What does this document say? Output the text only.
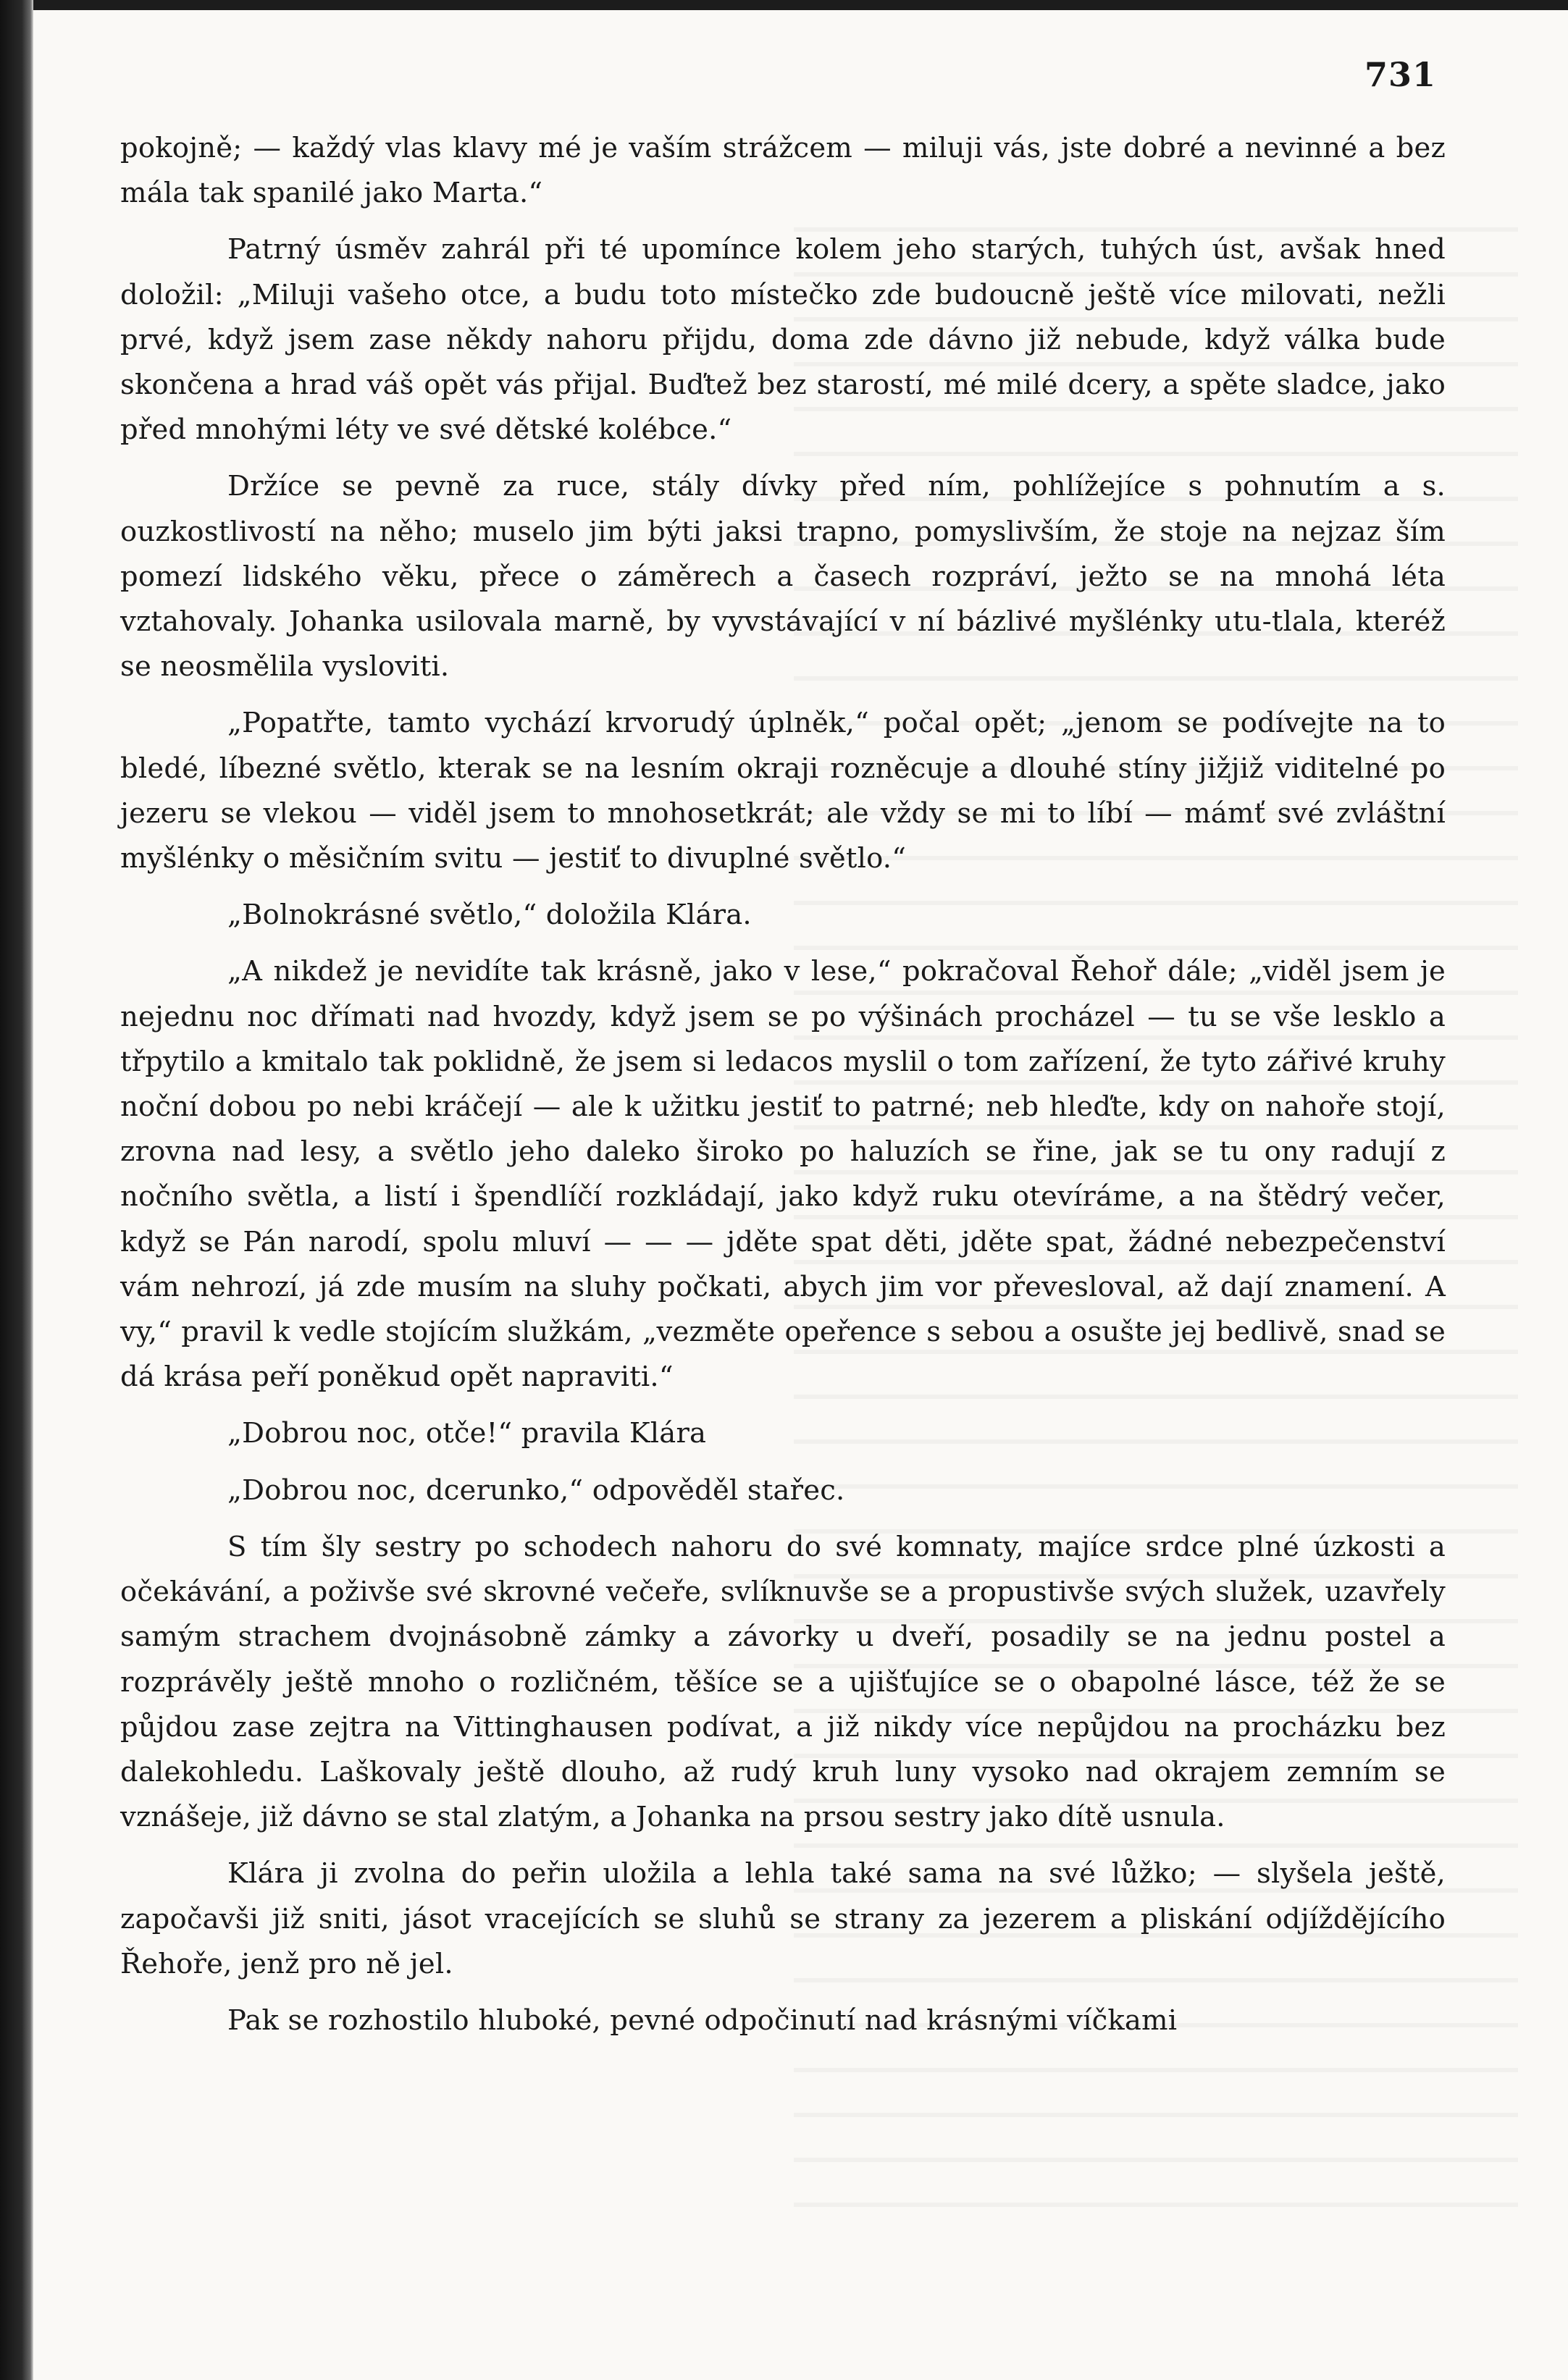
731

pokojně; — každý vlas klavy mé je vaším strážcem — miluji vás, jste dobré a nevinné a bez mála tak spanilé jako Marta.“

Patrný úsměv zahrál při té upomínce kolem jeho starých, tuhých úst, avšak hned doložil: „Miluji vašeho otce, a budu toto místečko zde budoucně ještě více milovati, nežli prvé, když jsem zase někdy nahoru přijdu, doma zde dávno již nebude, když válka bude skončena a hrad váš opět vás přijal. Buďtež bez starostí, mé milé dcery, a spěte sladce, jako před mnohými léty ve své dětské kolébce.“

Držíce se pevně za ruce, stály dívky před ním, pohlížejíce s pohnutím a s. ouzkostlivostí na něho; muselo jim býti jaksi trapno, pomyslivším, že stoje na nejzaz ším pomezí lidského věku, přece o záměrech a časech rozpráví, ježto se na mnohá léta vztahovaly. Johanka usilovala marně, by vyvstávající v ní bázlivé myšlénky utu-tlala, kteréž se neosmělila vysloviti.

„Popatřte, tamto vychází krvorudý úplněk,“ počal opět; „jenom se podívejte na to bledé, líbezné světlo, kterak se na lesním okraji rozněcuje a dlouhé stíny jižjiž viditelné po jezeru se vlekou — viděl jsem to mnohosetkrát; ale vždy se mi to líbí — mámť své zvláštní myšlénky o měsičním svitu — jestiť to divuplné světlo.“

„Bolnokrásné světlo,“ doložila Klára.

„A nikdež je nevidíte tak krásně, jako v lese,“ pokračoval Řehoř dále; „viděl jsem je nejednu noc dřímati nad hvozdy, když jsem se po výšinách procházel — tu se vše lesklo a třpytilo a kmitalo tak poklidně, že jsem si ledacos myslil o tom zařízení, že tyto zářivé kruhy noční dobou po nebi kráčejí — ale k užitku jestiť to patrné; neb hleďte, kdy on nahoře stojí, zrovna nad lesy, a světlo jeho daleko široko po haluzích se řine, jak se tu ony radují z nočního světla, a listí i špendlíčí rozkládají, jako když ruku otevíráme, a na štědrý večer, když se Pán narodí, spolu mluví — — — jděte spat děti, jděte spat, žádné nebezpečenství vám nehrozí, já zde musím na sluhy počkati, abych jim vor převesloval, až dají znamení. A vy,“ pravil k vedle stojícím služkám, „vezměte opeřence s sebou a osušte jej bedlivě, snad se dá krása peří poněkud opět napraviti.“

„Dobrou noc, otče!“ pravila Klára

„Dobrou noc, dcerunko,“ odpověděl stařec.

S tím šly sestry po schodech nahoru do své komnaty, majíce srdce plné úzkosti a očekávání, a poživše své skrovné večeře, svlíknuvše se a propustivše svých služek, uzavřely samým strachem dvojnásobně zámky a závorky u dveří, posadily se na jednu postel a rozprávěly ještě mnoho o rozličném, těšíce se a ujišťujíce se o obapolné lásce, též že se půjdou zase zejtra na Vittinghausen podívat, a již nikdy více nepůjdou na procházku bez dalekohledu. Laškovaly ještě dlouho, až rudý kruh luny vysoko nad okrajem zemním se vznášeje, již dávno se stal zlatým, a Johanka na prsou sestry jako dítě usnula.

Klára ji zvolna do peřin uložila a lehla také sama na své lůžko; — slyšela ještě, započavši již sniti, jásot vracejících se sluhů se strany za jezerem a pliskání odjíždějícího Řehoře, jenž pro ně jel.

Pak se rozhostilo hluboké, pevné odpočinutí nad krásnými víčkami
